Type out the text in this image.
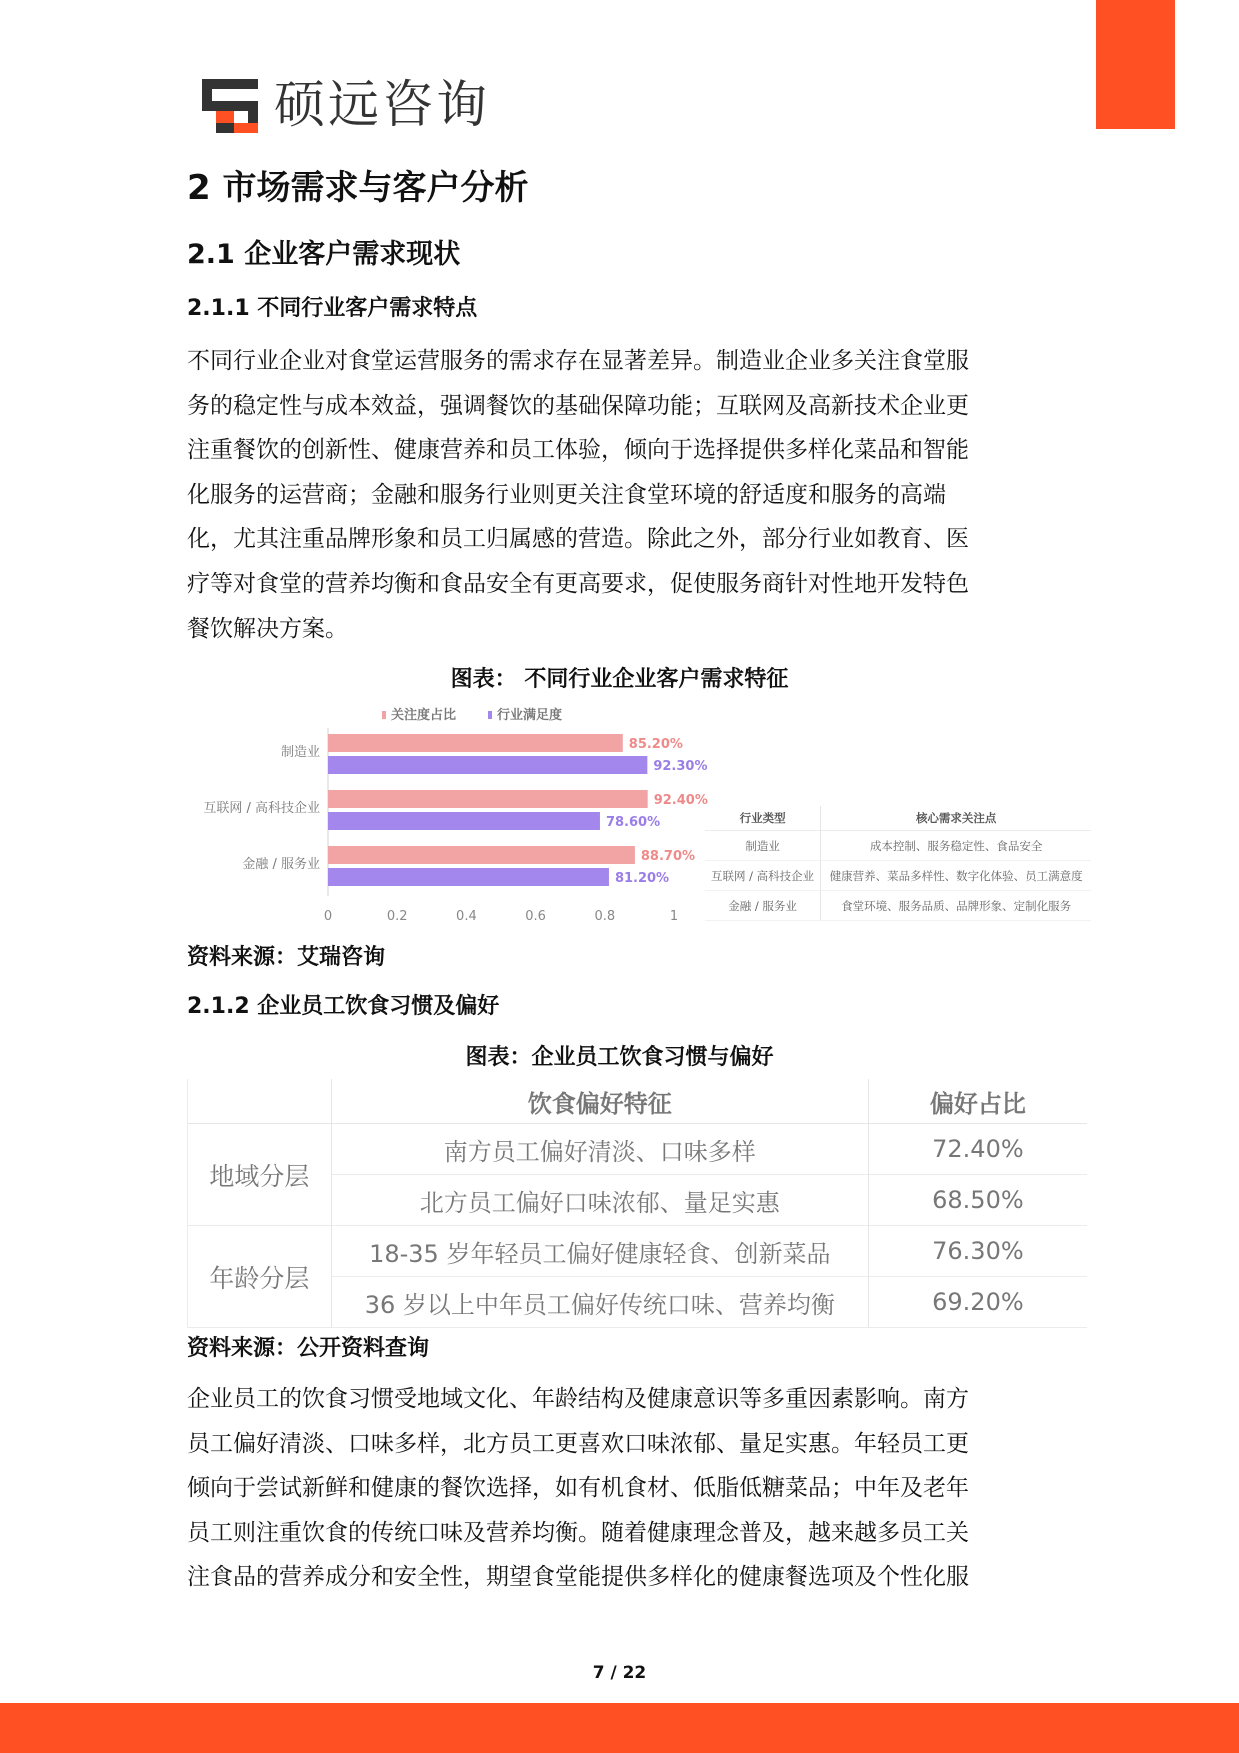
硕远咨询
2 市场需求与客户分析
2.1 企业客户需求现状
2.1.1 不同行业客户需求特点
不同行业企业对食堂运营服务的需求存在显著差异。制造业企业多关注食堂服
务的稳定性与成本效益，强调餐饮的基础保障功能；互联网及高新技术企业更
注重餐饮的创新性、健康营养和员工体验，倾向于选择提供多样化菜品和智能
化服务的运营商；金融和服务行业则更关注食堂环境的舒适度和服务的高端
化，尤其注重品牌形象和员工归属感的营造。除此之外，部分行业如教育、医
疗等对食堂的营养均衡和食品安全有更高要求，促使服务商针对性地开发特色
餐饮解决方案。
图表： 不同行业企业客户需求特征
关注度占比	行业满足度
制造业
85.20%
92.30%
互联网 / 高科技企业
92.40%
78.60%
金融 / 服务业
88.70%
81.20%
0	0.2	0.4	0.6	0.8	1
行业类型	核心需求关注点
制造业	成本控制、服务稳定性、食品安全
互联网 / 高科技企业	健康营养、菜品多样性、数字化体验、员工满意度
金融 / 服务业	食堂环境、服务品质、品牌形象、定制化服务
资料来源：艾瑞咨询
2.1.2 企业员工饮食习惯及偏好
图表：企业员工饮食习惯与偏好
	饮食偏好特征	偏好占比
地域分层	南方员工偏好清淡、口味多样	72.40%
	北方员工偏好口味浓郁、量足实惠	68.50%
年龄分层	18-35 岁年轻员工偏好健康轻食、创新菜品	76.30%
	36 岁以上中年员工偏好传统口味、营养均衡	69.20%
资料来源：公开资料查询
企业员工的饮食习惯受地域文化、年龄结构及健康意识等多重因素影响。南方
员工偏好清淡、口味多样，北方员工更喜欢口味浓郁、量足实惠。年轻员工更
倾向于尝试新鲜和健康的餐饮选择，如有机食材、低脂低糖菜品；中年及老年
员工则注重饮食的传统口味及营养均衡。随着健康理念普及，越来越多员工关
注食品的营养成分和安全性，期望食堂能提供多样化的健康餐选项及个性化服
7 / 22
